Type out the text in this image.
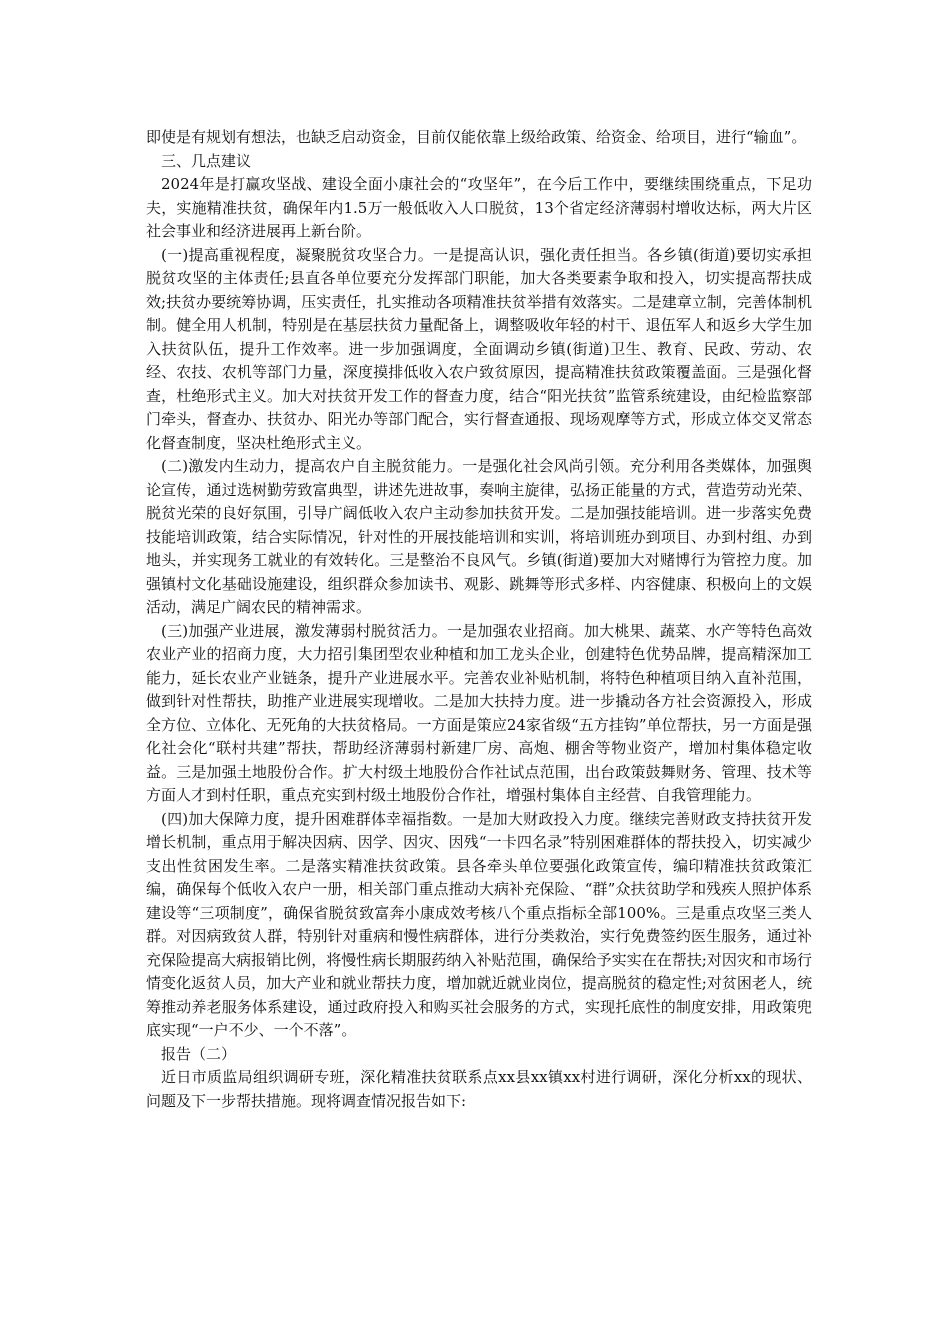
即使是有规划有想法，也缺乏启动资金，目前仅能依靠上级给政策、给资金、给项目，进行“输血”。

三、几点建议

2024年是打赢攻坚战、建设全面小康社会的“攻坚年”，在今后工作中，要继续围绕重点，下足功夫，实施精准扶贫，确保年内1.5万一般低收入人口脱贫，13个省定经济薄弱村增收达标，两大片区社会事业和经济进展再上新台阶。

(一)提高重视程度，凝聚脱贫攻坚合力。一是提高认识，强化责任担当。各乡镇(街道)要切实承担脱贫攻坚的主体责任;县直各单位要充分发挥部门职能，加大各类要素争取和投入，切实提高帮扶成效;扶贫办要统筹协调，压实责任，扎实推动各项精准扶贫举措有效落实。二是建章立制，完善体制机制。健全用人机制，特别是在基层扶贫力量配备上，调整吸收年轻的村干、退伍军人和返乡大学生加入扶贫队伍，提升工作效率。进一步加强调度，全面调动乡镇(街道)卫生、教育、民政、劳动、农经、农技、农机等部门力量，深度摸排低收入农户致贫原因，提高精准扶贫政策覆盖面。三是强化督查，杜绝形式主义。加大对扶贫开发工作的督查力度，结合“阳光扶贫”监管系统建设，由纪检监察部门牵头，督查办、扶贫办、阳光办等部门配合，实行督查通报、现场观摩等方式，形成立体交叉常态化督查制度，坚决杜绝形式主义。

(二)激发内生动力，提高农户自主脱贫能力。一是强化社会风尚引领。充分利用各类媒体，加强舆论宣传，通过选树勤劳致富典型，讲述先进故事，奏响主旋律，弘扬正能量的方式，营造劳动光荣、脱贫光荣的良好氛围，引导广阔低收入农户主动参加扶贫开发。二是加强技能培训。进一步落实免费技能培训政策，结合实际情况，针对性的开展技能培训和实训，将培训班办到项目、办到村组、办到地头，并实现务工就业的有效转化。三是整治不良风气。乡镇(街道)要加大对赌博行为管控力度。加强镇村文化基础设施建设，组织群众参加读书、观影、跳舞等形式多样、内容健康、积极向上的文娱活动，满足广阔农民的精神需求。

(三)加强产业进展，激发薄弱村脱贫活力。一是加强农业招商。加大桃果、蔬菜、水产等特色高效农业产业的招商力度，大力招引集团型农业种植和加工龙头企业，创建特色优势品牌，提高精深加工能力，延长农业产业链条，提升产业进展水平。完善农业补贴机制，将特色种植项目纳入直补范围，做到针对性帮扶，助推产业进展实现增收。二是加大扶持力度。进一步撬动各方社会资源投入，形成全方位、立体化、无死角的大扶贫格局。一方面是策应24家省级“五方挂钩”单位帮扶，另一方面是强化社会化“联村共建”帮扶，帮助经济薄弱村新建厂房、高炮、棚舍等物业资产，增加村集体稳定收益。三是加强土地股份合作。扩大村级土地股份合作社试点范围，出台政策鼓舞财务、管理、技术等方面人才到村任职，重点充实到村级土地股份合作社，增强村集体自主经营、自我管理能力。

(四)加大保障力度，提升困难群体幸福指数。一是加大财政投入力度。继续完善财政支持扶贫开发增长机制，重点用于解决因病、因学、因灾、因残“一卡四名录”特别困难群体的帮扶投入，切实减少支出性贫困发生率。二是落实精准扶贫政策。县各牵头单位要强化政策宣传，编印精准扶贫政策汇编，确保每个低收入农户一册，相关部门重点推动大病补充保险、“群”众扶贫助学和残疾人照护体系建设等“三项制度”，确保省脱贫致富奔小康成效考核八个重点指标全部100%。三是重点攻坚三类人群。对因病致贫人群，特别针对重病和慢性病群体，进行分类救治，实行免费签约医生服务，通过补充保险提高大病报销比例，将慢性病长期服药纳入补贴范围，确保给予实实在在帮扶;对因灾和市场行情变化返贫人员，加大产业和就业帮扶力度，增加就近就业岗位，提高脱贫的稳定性;对贫困老人，统筹推动养老服务体系建设，通过政府投入和购买社会服务的方式，实现托底性的制度安排，用政策兜底实现“一户不少、一个不落”。

报告（二）

近日市质监局组织调研专班，深化精准扶贫联系点xx县xx镇xx村进行调研，深化分析xx的现状、问题及下一步帮扶措施。现将调查情况报告如下:
